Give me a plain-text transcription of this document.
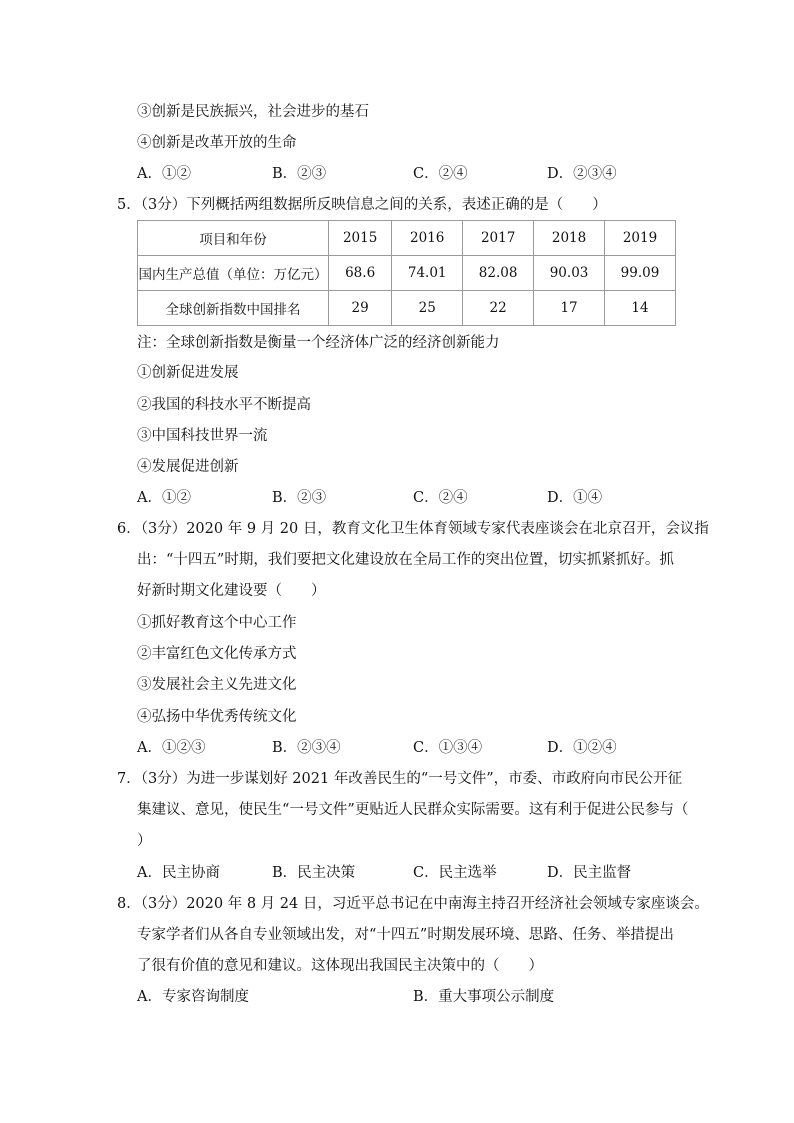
③创新是民族振兴，社会进步的基石
④创新是改革开放的生命
A．①②	B．②③	C．②④	D．②③④
5．（3分）下列概括两组数据所反映信息之间的关系，表述正确的是（　　）
项目和年份	2015	2016	2017	2018	2019
国内生产总值（单位：万亿元）	68.6	74.01	82.08	90.03	99.09
全球创新指数中国排名	29	25	22	17	14
注：全球创新指数是衡量一个经济体广泛的经济创新能力
①创新促进发展
②我国的科技水平不断提高
③中国科技世界一流
④发展促进创新
A．①②	B．②③	C．②④	D．①④
6．（3分）2020 年 9 月 20 日，教育文化卫生体育领域专家代表座谈会在北京召开，会议指
出：“十四五”时期，我们要把文化建设放在全局工作的突出位置，切实抓紧抓好。抓
好新时期文化建设要（　　）
①抓好教育这个中心工作
②丰富红色文化传承方式
③发展社会主义先进文化
④弘扬中华优秀传统文化
A．①②③	B．②③④	C．①③④	D．①②④
7．（3分）为进一步谋划好 2021 年改善民生的“一号文件”，市委、市政府向市民公开征
集建议、意见，使民生“一号文件”更贴近人民群众实际需要。这有利于促进公民参与（
）
A．民主协商	B．民主决策	C．民主选举	D．民主监督
8．（3分）2020 年 8 月 24 日，习近平总书记在中南海主持召开经济社会领域专家座谈会。
专家学者们从各自专业领域出发，对“十四五”时期发展环境、思路、任务、举措提出
了很有价值的意见和建议。这体现出我国民主决策中的（　　）
A．专家咨询制度	B．重大事项公示制度
